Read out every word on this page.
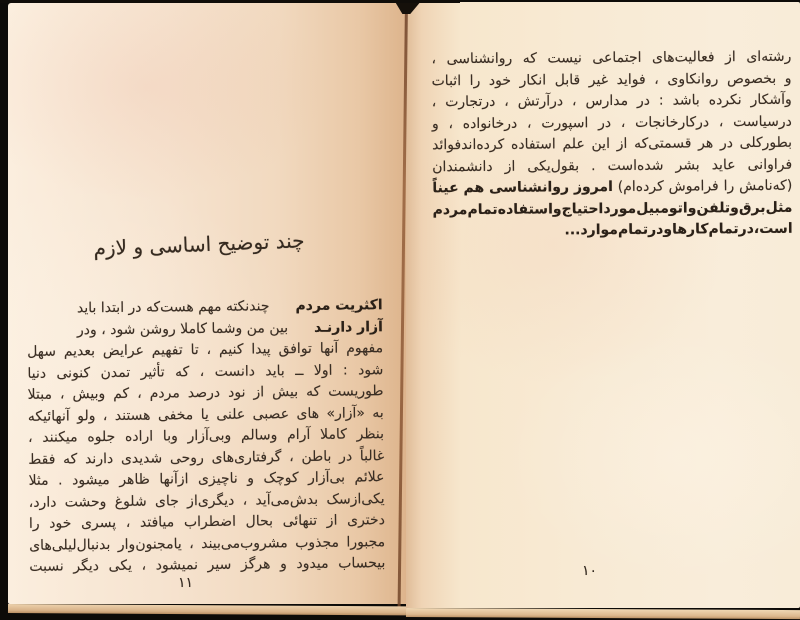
چند توضیح اساسی و لازم
اکثریت مردم
چندنکته مهم هست‌که در ابتدا باید
آزار دارنـد
بین من وشما کاملا روشن شود ، ودر
مفهوم
آنها
توافق
پیدا
کنیم
،
تا
تفهیم
عرایض
بعدیم
سهل
شود
:
اولا
ــ
باید
دانست
،
که
تأثیر
تمدن
کنونی
دنیا
طوریست
که
بیش
از
نود
درصد
مردم
،
کم
وبیش
،
مبتلا
به
«آزار»
های
عصبی
علنی
یا
مخفی
هستند
،
ولو
آنهائیکه
بنظر
کاملا
آرام
وسالم
وبی‌آزار
وبا
اراده
جلوه
میکنند
،
غالباً
در
باطن
،
گرفتاری‌های
روحی
شدیدی
دارند
که
فقط
علائم
بی‌آزار
کوچک
و
ناچیزی
ازآنها
ظاهر
میشود
.
مثلا
یکی‌ازسک
بدش‌می‌آید
،
دیگری‌از
جای
شلوغ
وحشت
دارد،
دختری
از
تنهائی
بحال
اضطراب
میافتد
،
پسری
خود
را
مجبورا
مجذوب
مشروب‌می‌بیند
،
یامجنون‌وار
بدنبال‌لیلی‌های
بیحساب
میدود
و
هرگز
سیر
نمیشود
،
یکی
دیگر
نسبت
۱۱
رشته‌ای
از
فعالیت‌های
اجتماعی
نیست
که
روانشناسی
،
و
بخصوص
روانکاوی
،
فواید
غیر
قابل
انکار
خود
را
اثبات
وآشکار
نکرده
باشد
:
در
مدارس
،
درآرتش
،
درتجارت
،
درسیاست
،
درکارخانجات
،
در
اسپورت
،
درخانواده
،
و
بطورکلی
در
هر
قسمتی‌که
از
این
علم
استفاده
کرده‌اندفوائد
فراوانی
عاید
بشر
شده‌است
.
بقول‌یکی
از
دانشمندان
(که‌نامش
را
فراموش
کرده‌ام)
امروز
روانشناسی
هم
عیناً
مثل
برق
وتلفن
واتومبیل
مورد
احتیاج
واستفاده
تمام
مردم
است
،
درتمام
کارها
ودرتمام
موارد
...
۱۰
